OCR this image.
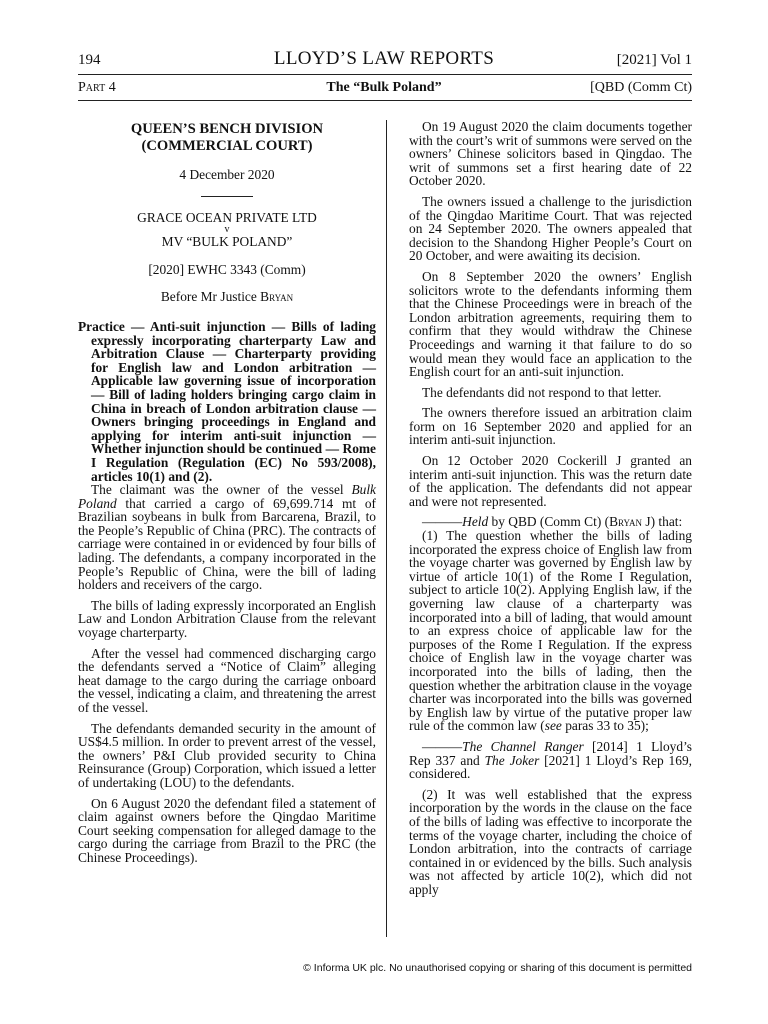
194	LLOYD’S LAW REPORTS	[2021] Vol 1
Part 4	The “Bulk Poland”	[QBD (Comm Ct)
QUEEN’S BENCH DIVISION
(COMMERCIAL COURT)
4 December 2020
GRACE OCEAN PRIVATE LTD
v
MV “BULK POLAND”
[2020] EWHC 3343 (Comm)
Before Mr Justice Bryan
Practice — Anti-suit injunction — Bills of lading expressly incorporating charterparty Law and Arbitration Clause — Charterparty providing for English law and London arbitration — Applicable law governing issue of incorporation — Bill of lading holders bringing cargo claim in China in breach of London arbitration clause — Owners bringing proceedings in England and applying for interim anti-suit injunction — Whether injunction should be continued — Rome I Regulation (Regulation (EC) No 593/2008), articles 10(1) and (2).

The claimant was the owner of the vessel Bulk Poland that carried a cargo of 69,699.714 mt of Brazilian soybeans in bulk from Barcarena, Brazil, to the People’s Republic of China (PRC). The contracts of carriage were contained in or evidenced by four bills of lading. The defendants, a company incorporated in the People’s Republic of China, were the bill of lading holders and receivers of the cargo.

The bills of lading expressly incorporated an English Law and London Arbitration Clause from the relevant voyage charterparty.

After the vessel had commenced discharging cargo the defendants served a “Notice of Claim” alleging heat damage to the cargo during the carriage onboard the vessel, indicating a claim, and threatening the arrest of the vessel.

The defendants demanded security in the amount of US$4.5 million. In order to prevent arrest of the vessel, the owners’ P&I Club provided security to China Reinsurance (Group) Corporation, which issued a letter of undertaking (LOU) to the defendants.

On 6 August 2020 the defendant filed a statement of claim against owners before the Qingdao Maritime Court seeking compensation for alleged damage to the cargo during the carriage from Brazil to the PRC (the Chinese Proceedings).

On 19 August 2020 the claim documents together with the court’s writ of summons were served on the owners’ Chinese solicitors based in Qingdao. The writ of summons set a first hearing date of 22 October 2020.

The owners issued a challenge to the jurisdiction of the Qingdao Maritime Court. That was rejected on 24 September 2020. The owners appealed that decision to the Shandong Higher People’s Court on 20 October, and were awaiting its decision.

On 8 September 2020 the owners’ English solicitors wrote to the defendants informing them that the Chinese Proceedings were in breach of the London arbitration agreements, requiring them to confirm that they would withdraw the Chinese Proceedings and warning it that failure to do so would mean they would face an application to the English court for an anti-suit injunction.

The defendants did not respond to that letter.

The owners therefore issued an arbitration claim form on 16 September 2020 and applied for an interim anti-suit injunction.

On 12 October 2020 Cockerill J granted an interim anti-suit injunction. This was the return date of the application. The defendants did not appear and were not represented.

———Held by QBD (Comm Ct) (Bryan J) that:

(1) The question whether the bills of lading incorporated the express choice of English law from the voyage charter was governed by English law by virtue of article 10(1) of the Rome I Regulation, subject to article 10(2). Applying English law, if the governing law clause of a charterparty was incorporated into a bill of lading, that would amount to an express choice of applicable law for the purposes of the Rome I Regulation. If the express choice of English law in the voyage charter was incorporated into the bills of lading, then the question whether the arbitration clause in the voyage charter was incorporated into the bills was governed by English law by virtue of the putative proper law rule of the common law (see paras 33 to 35);

———The Channel Ranger [2014] 1 Lloyd’s Rep 337 and The Joker [2021] 1 Lloyd’s Rep 169, considered.

(2) It was well established that the express incorporation by the words in the clause on the face of the bills of lading was effective to incorporate the terms of the voyage charter, including the choice of London arbitration, into the contracts of carriage contained in or evidenced by the bills. Such analysis was not affected by article 10(2), which did not apply

© Informa UK plc. No unauthorised copying or sharing of this document is permitted
